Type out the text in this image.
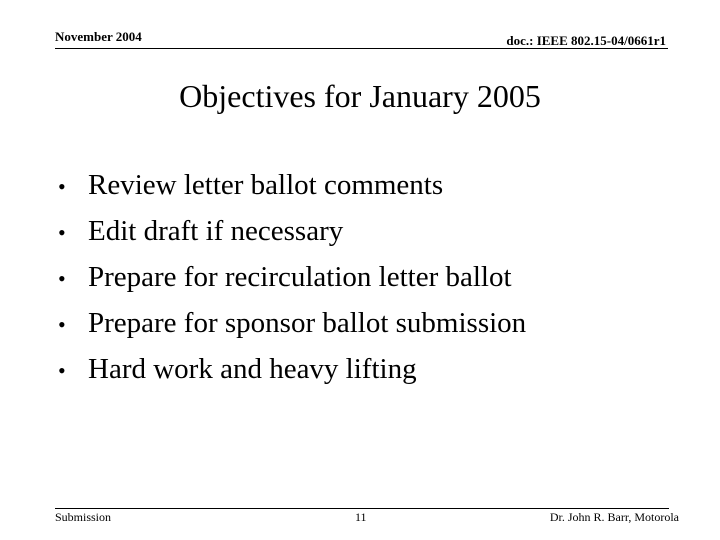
November 2004	doc.: IEEE 802.15-04/0661r1
Objectives for January 2005
• Review letter ballot comments
• Edit draft if necessary
• Prepare for recirculation letter ballot
• Prepare for sponsor ballot submission
• Hard work and heavy lifting
Submission	11	Dr. John R. Barr, Motorola
